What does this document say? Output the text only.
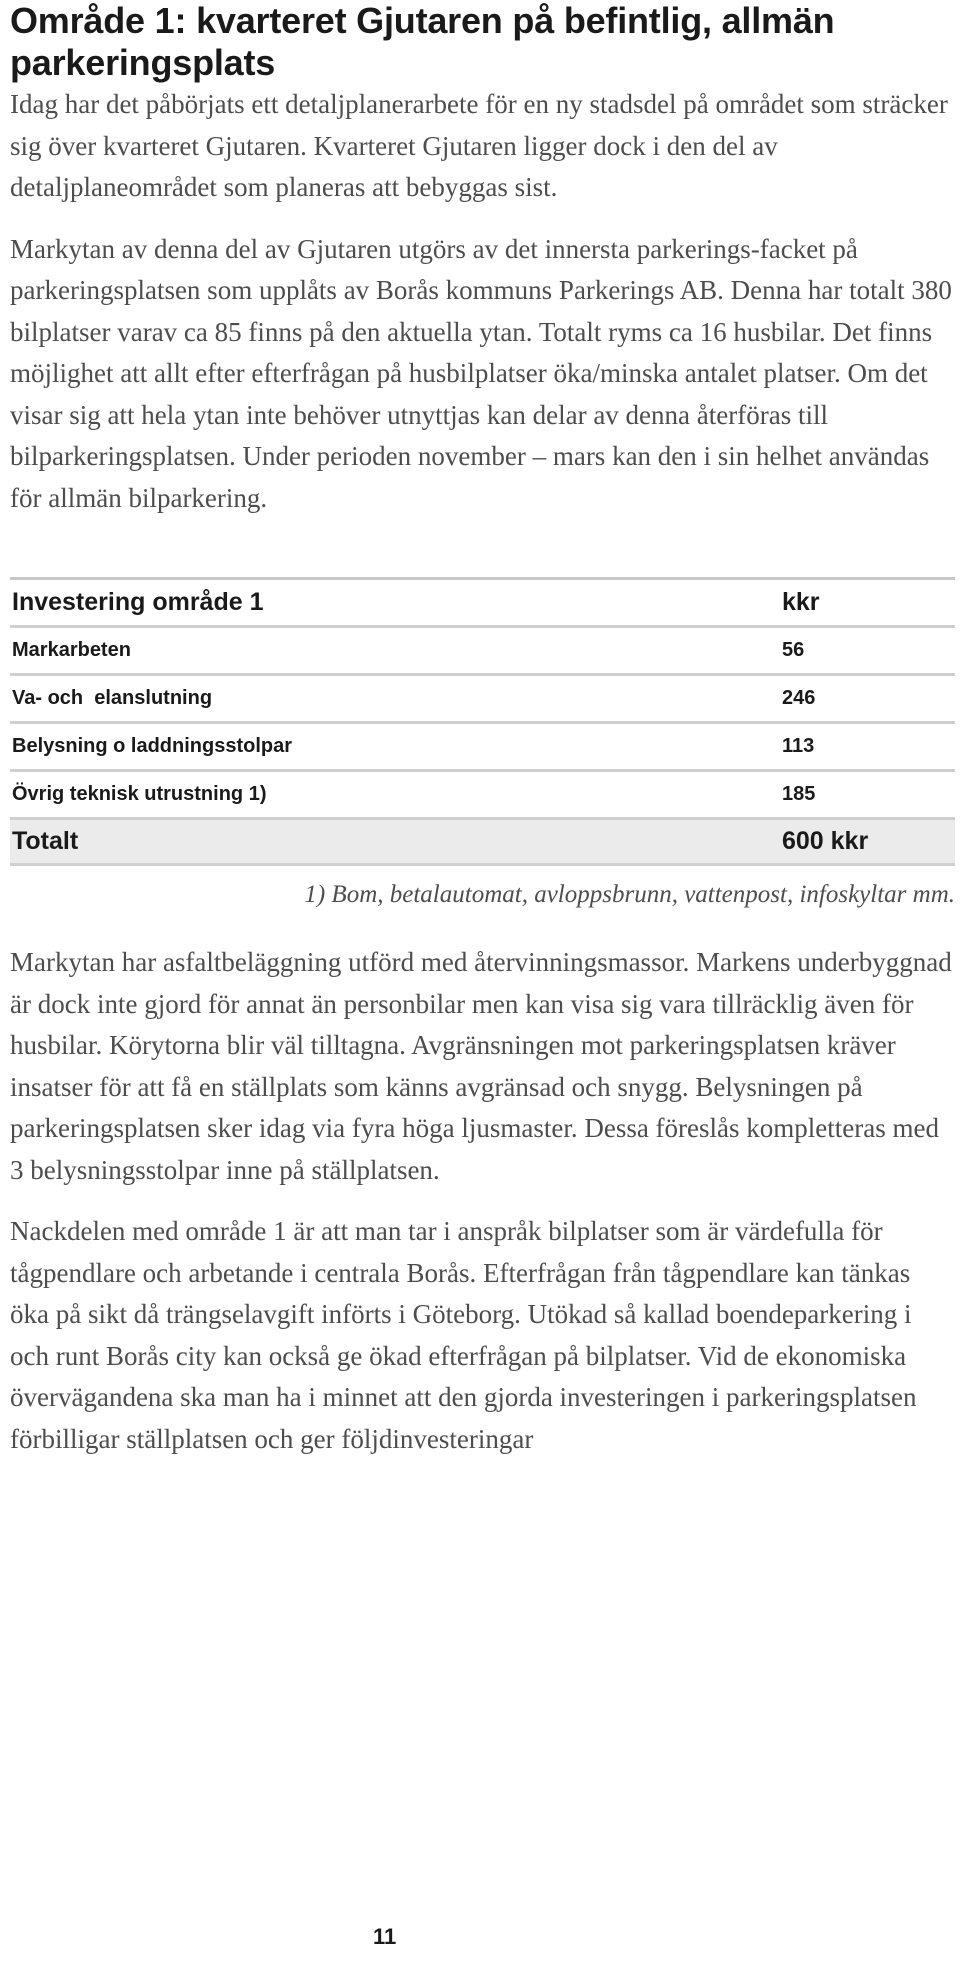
Område 1: kvarteret Gjutaren på befintlig, allmän parkeringsplats

Idag har det påbörjats ett detaljplanerarbete för en ny stadsdel på området som sträcker sig över kvarteret Gjutaren. Kvarteret Gjutaren ligger dock i den del av detaljplaneområdet som planeras att bebyggas sist.

Markytan av denna del av Gjutaren utgörs av det innersta parkerings-facket på parkeringsplatsen som upplåts av Borås kommuns Parkerings AB. Denna har totalt 380 bilplatser varav ca 85 finns på den aktuella ytan. Totalt ryms ca 16 husbilar. Det finns möjlighet att allt efter efterfrågan på husbilplatser öka/minska antalet platser. Om det visar sig att hela ytan inte behöver utnyttjas kan delar av denna återföras till bilparkeringsplatsen. Under perioden november – mars kan den i sin helhet användas för allmän bilparkering.

Investering område 1	kkr
Markarbeten	56
Va- och  elanslutning	246
Belysning o laddningsstolpar	113
Övrig teknisk utrustning 1)	185
Totalt	600 kkr
1) Bom, betalautomat, avloppsbrunn, vattenpost, infoskyltar mm.

Markytan har asfaltbeläggning utförd med återvinningsmassor. Markens underbyggnad är dock inte gjord för annat än personbilar men kan visa sig vara tillräcklig även för husbilar. Körytorna blir väl tilltagna. Avgränsningen mot parkeringsplatsen kräver insatser för att få en ställplats som känns avgränsad och snygg. Belysningen på parkeringsplatsen sker idag via fyra höga ljusmaster. Dessa föreslås kompletteras med 3 belysningsstolpar inne på ställplatsen.

Nackdelen med område 1 är att man tar i anspråk bilplatser som är värdefulla för tågpendlare och arbetande i centrala Borås. Efterfrågan från tågpendlare kan tänkas öka på sikt då trängselavgift införts i Göteborg. Utökad så kallad boendeparkering i och runt Borås city kan också ge ökad efterfrågan på bilplatser. Vid de ekonomiska övervägandena ska man ha i minnet att den gjorda investeringen i parkeringsplatsen förbilligar ställplatsen och ger följdinvesteringar

11
